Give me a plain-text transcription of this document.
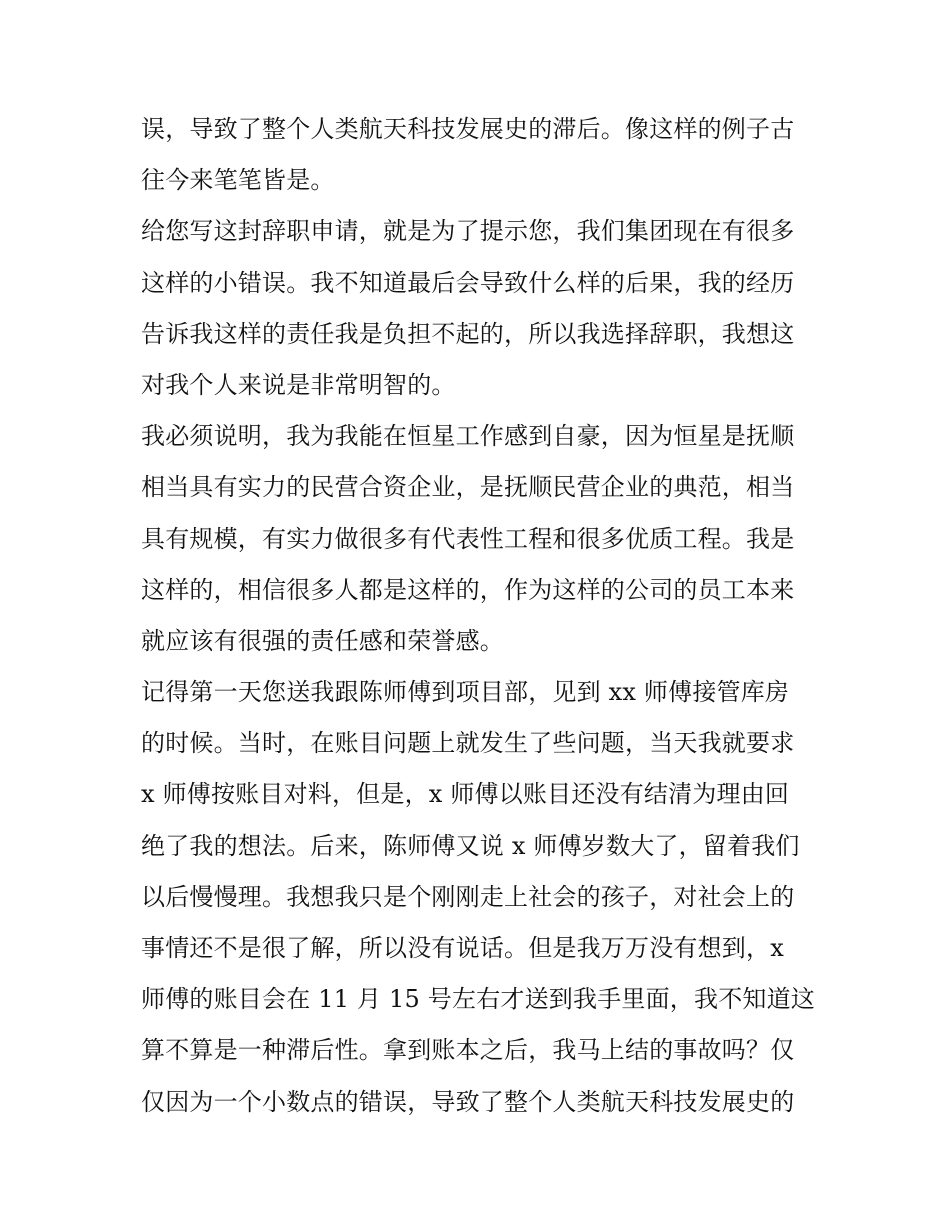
误，导致了整个人类航天科技发展史的滞后。像这样的例子古
往今来笔笔皆是。
给您写这封辞职申请，就是为了提示您，我们集团现在有很多
这样的小错误。我不知道最后会导致什么样的后果，我的经历
告诉我这样的责任我是负担不起的，所以我选择辞职，我想这
对我个人来说是非常明智的。
我必须说明，我为我能在恒星工作感到自豪，因为恒星是抚顺
相当具有实力的民营合资企业，是抚顺民营企业的典范，相当
具有规模，有实力做很多有代表性工程和很多优质工程。我是
这样的，相信很多人都是这样的，作为这样的公司的员工本来
就应该有很强的责任感和荣誉感。
记得第一天您送我跟陈师傅到项目部，见到 xx 师傅接管库房
的时候。当时，在账目问题上就发生了些问题，当天我就要求
x 师傅按账目对料，但是，x 师傅以账目还没有结清为理由回
绝了我的想法。后来，陈师傅又说 x 师傅岁数大了，留着我们
以后慢慢理。我想我只是个刚刚走上社会的孩子，对社会上的
事情还不是很了解，所以没有说话。但是我万万没有想到，x
师傅的账目会在 11 月 15 号左右才送到我手里面，我不知道这
算不算是一种滞后性。拿到账本之后，我马上结的事故吗？仅
仅因为一个小数点的错误，导致了整个人类航天科技发展史的
